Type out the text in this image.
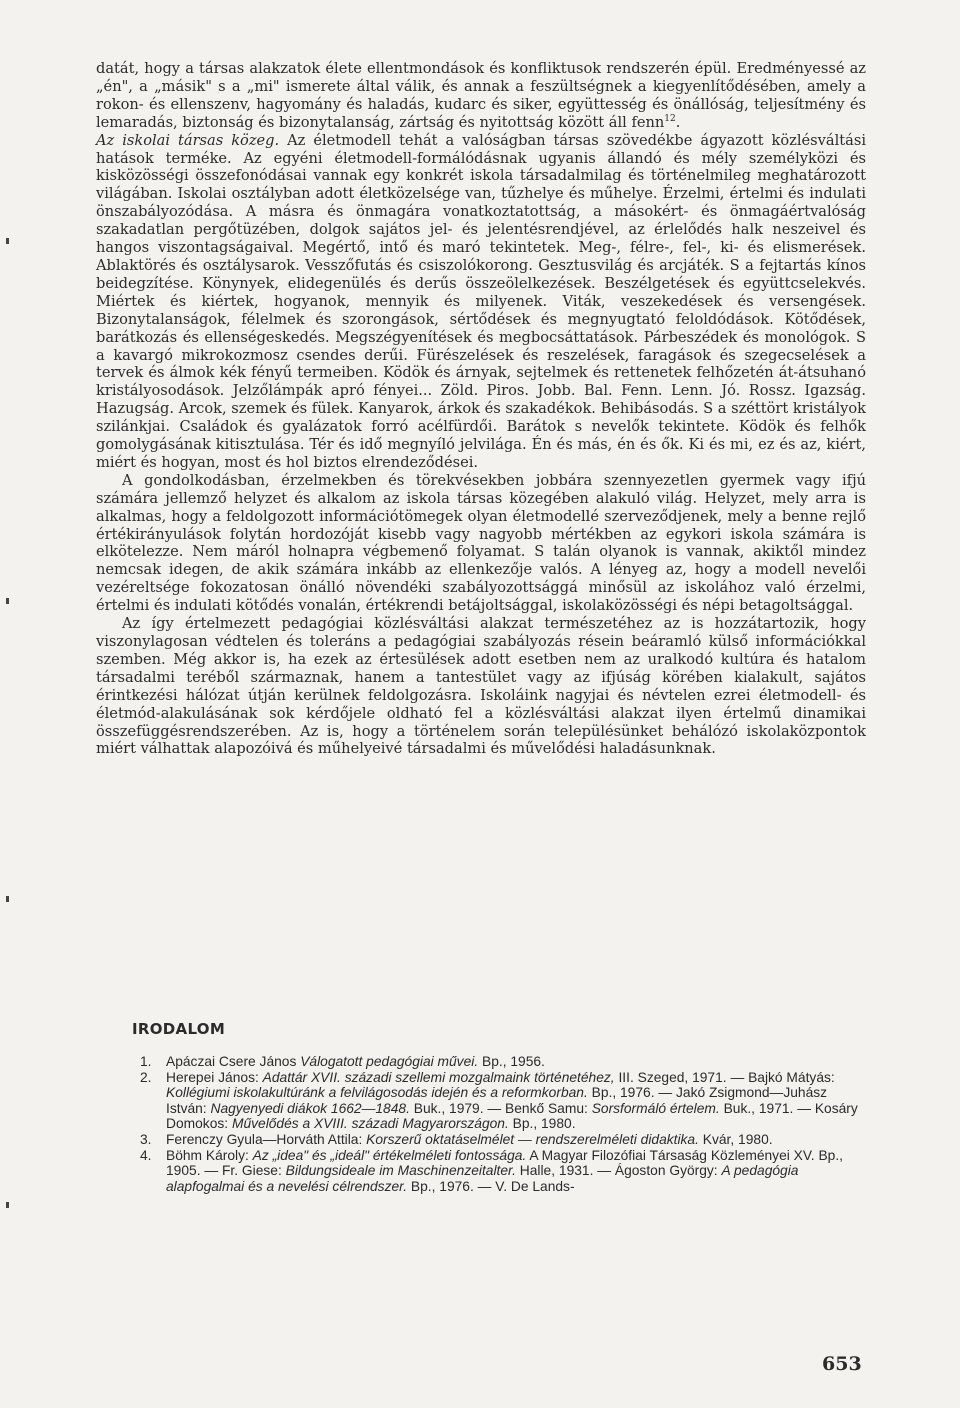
datát, hogy a társas alakzatok élete ellentmondások és konfliktusok rendszerén épül. Eredményessé az „én", a „másik" s a „mi" ismerete által válik, és annak a feszültségnek a kiegyenlítődésében, amely a rokon- és ellenszenv, hagyomány és haladás, kudarc és siker, együttesség és önállóság, teljesítmény és lemaradás, biztonság és bizonytalanság, zártság és nyitottság között áll fenn$^{12}$.

Az iskolai társas közeg. Az életmodell tehát a valóságban társas szövedékbe ágyazott közlésváltási hatások terméke. Az egyéni életmodell-formálódásnak ugyanis állandó és mély személyközi és kisközösségi összefonódásai vannak egy konkrét iskola társadalmilag és történelmileg meghatározott világában. Iskolai osztályban adott életközelsége van, tűzhelye és műhelye. Érzelmi, értelmi és indulati önszabályozódása. A másra és önmagára vonatkoztatottság, a másokért- és önmagáértvalóság szakadatlan pergőtüzében, dolgok sajátos jel- és jelentésrendjével, az érlelődés halk neszeivel és hangos viszontagságaival. Megértő, intő és maró tekintetek. Meg-, félre-, fel-, ki- és elismerések. Ablaktörés és osztálysarok. Vesszőfutás és csiszolókorong. Gesztusvilág és arcjáték. S a fejtartás kínos beidegzítése. Könynyek, elidegenülés és derűs összeölelkezések. Beszélgetések és együttcselekvés. Miértek és kiértek, hogyanok, mennyik és milyenek. Viták, veszekedések és versengések. Bizonytalanságok, félelmek és szorongások, sértődések és megnyugtató feloldódások. Kötődések, barátkozás és ellenségeskedés. Megszégyenítések és megbocsáttatások. Párbeszédek és monológok. S a kavargó mikrokozmosz csendes derűi. Fürészelések és reszelések, faragások és szegecselések a tervek és álmok kék fényű termeiben. Ködök és árnyak, sejtelmek és rettenetek felhőzetén át-átsuhanó kristályosodások. Jelzőlámpák apró fényei... Zöld. Piros. Jobb. Bal. Fenn. Lenn. Jó. Rossz. Igazság. Hazugság. Arcok, szemek és fülek. Kanyarok, árkok és szakadékok. Behibásodás. S a széttört kristályok szilánkjai. Családok és gyalázatok forró acélfürdői. Barátok s nevelők tekintete. Ködök és felhők gomolygásának kitisztulása. Tér és idő megnyíló jelvilága. Én és más, én és ők. Ki és mi, ez és az, kiért, miért és hogyan, most és hol biztos elrendeződései.

A gondolkodásban, érzelmekben és törekvésekben jobbára szennyezetlen gyermek vagy ifjú számára jellemző helyzet és alkalom az iskola társas közegében alakuló világ. Helyzet, mely arra is alkalmas, hogy a feldolgozott információtömegek olyan életmodellé szerveződjenek, mely a benne rejlő értékirányulások folytán hordozóját kisebb vagy nagyobb mértékben az egykori iskola számára is elkötelezze. Nem máról holnapra végbemenő folyamat. S talán olyanok is vannak, akiktől mindez nemcsak idegen, de akik számára inkább az ellenkezője valós. A lényeg az, hogy a modell nevelői vezéreltsége fokozatosan önálló növendéki szabályozottsággá minősül az iskolához való érzelmi, értelmi és indulati kötődés vonalán, értékrendi betájoltsággal, iskolaközösségi és népi betagoltsággal.

Az így értelmezett pedagógiai közlésváltási alakzat természetéhez az is hozzátartozik, hogy viszonylagosan védtelen és toleráns a pedagógiai szabályozás résein beáramló külső információkkal szemben. Még akkor is, ha ezek az értesülések adott esetben nem az uralkodó kultúra és hatalom társadalmi teréből származnak, hanem a tantestület vagy az ifjúság körében kialakult, sajátos érintkezési hálózat útján kerülnek feldolgozásra. Iskoláink nagyjai és névtelen ezrei életmodell- és életmód-alakulásának sok kérdőjele oldható fel a közlésváltási alakzat ilyen értelmű dinamikai összefüggésrendszerében. Az is, hogy a történelem során településünket behálózó iskolaközpontok miért válhattak alapozóivá és műhelyeivé társadalmi és művelődési haladásunknak.

IRODALOM
1. Apáczai Csere János Válogatott pedagógiai művei. Bp., 1956.
2. Herepei János: Adattár XVII. századi szellemi mozgalmaink történetéhez, III. Szeged, 1971. — Bajkó Mátyás: Kollégiumi iskolakultúránk a felvilágosodás idején és a reformkorban. Bp., 1976. — Jakó Zsigmond—Juhász István: Nagyenyedi diákok 1662—1848. Buk., 1979. — Benkő Samu: Sorsformáló értelem. Buk., 1971. — Kosáry Domokos: Művelődés a XVIII. századi Magyarországon. Bp., 1980.
3. Ferenczy Gyula—Horváth Attila: Korszerű oktatáselmélet — rendszerelméleti didaktika. Kvár, 1980.
4. Böhm Károly: Az „idea" és „ideál" értékelméleti fontossága. A Magyar Filozófiai Társaság Közleményei XV. Bp., 1905. — Fr. Giese: Bildungsideale im Maschinenzeitalter. Halle, 1931. — Ágoston György: A pedagógia alapfogalmai és a nevelési célrendszer. Bp., 1976. — V. De Lands-
653
